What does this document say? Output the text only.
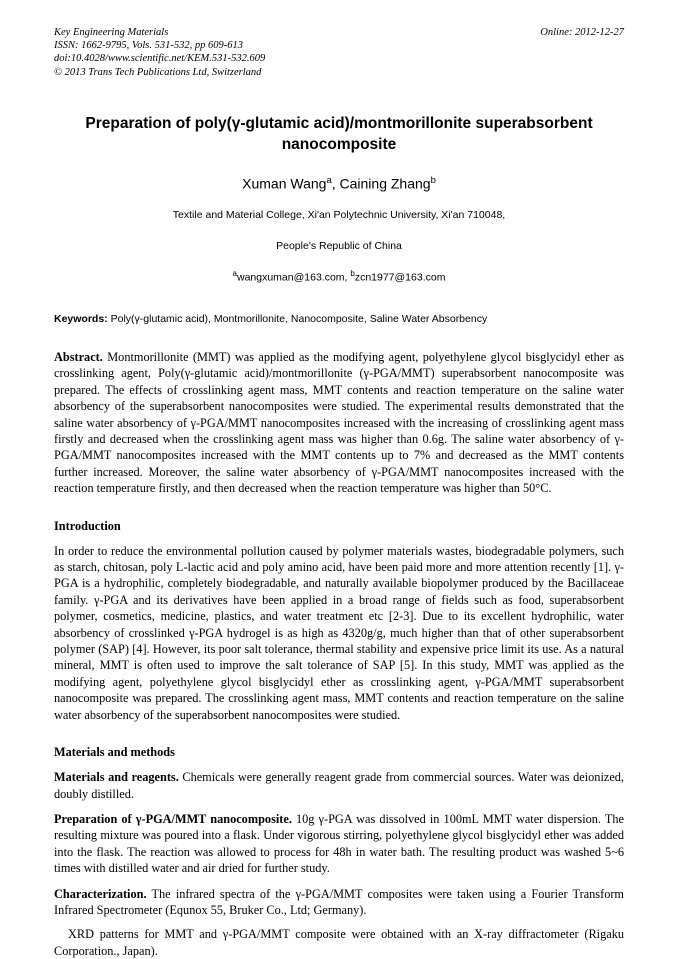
Key Engineering Materials
ISSN: 1662-9795, Vols. 531-532, pp 609-613
doi:10.4028/www.scientific.net/KEM.531-532.609
© 2013 Trans Tech Publications Ltd, Switzerland
Online: 2012-12-27
Preparation of poly(γ-glutamic acid)/montmorillonite superabsorbent nanocomposite
Xuman Wang$^a$, Caining Zhang$^b$
Textile and Material College, Xi'an Polytechnic University, Xi'an 710048,
People's Republic of China
$^a$wangxuman@163.com, $^b$zcn1977@163.com
Keywords: Poly(γ-glutamic acid), Montmorillonite, Nanocomposite, Saline Water Absorbency
Abstract. Montmorillonite (MMT) was applied as the modifying agent, polyethylene glycol bisglycidyl ether as crosslinking agent, Poly(γ-glutamic acid)/montmorillonite (γ-PGA/MMT) superabsorbent nanocomposite was prepared. The effects of crosslinking agent mass, MMT contents and reaction temperature on the saline water absorbency of the superabsorbent nanocomposites were studied. The experimental results demonstrated that the saline water absorbency of γ-PGA/MMT nanocomposites increased with the increasing of crosslinking agent mass firstly and decreased when the crosslinking agent mass was higher than 0.6g. The saline water absorbency of γ-PGA/MMT nanocomposites increased with the MMT contents up to 7% and decreased as the MMT contents further increased. Moreover, the saline water absorbency of γ-PGA/MMT nanocomposites increased with the reaction temperature firstly, and then decreased when the reaction temperature was higher than 50°C.
Introduction

In order to reduce the environmental pollution caused by polymer materials wastes, biodegradable polymers, such as starch, chitosan, poly L-lactic acid and poly amino acid, have been paid more and more attention recently [1]. γ-PGA is a hydrophilic, completely biodegradable, and naturally available biopolymer produced by the Bacillaceae family. γ-PGA and its derivatives have been applied in a broad range of fields such as food, superabsorbent polymer, cosmetics, medicine, plastics, and water treatment etc [2-3]. Due to its excellent hydrophilic, water absorbency of crosslinked γ-PGA hydrogel is as high as 4320g/g, much higher than that of other superabsorbent polymer (SAP) [4]. However, its poor salt tolerance, thermal stability and expensive price limit its use. As a natural mineral, MMT is often used to improve the salt tolerance of SAP [5]. In this study, MMT was applied as the modifying agent, polyethylene glycol bisglycidyl ether as crosslinking agent, γ-PGA/MMT superabsorbent nanocomposite was prepared. The crosslinking agent mass, MMT contents and reaction temperature on the saline water absorbency of the superabsorbent nanocomposites were studied.

Materials and methods

Materials and reagents. Chemicals were generally reagent grade from commercial sources. Water was deionized, doubly distilled.

Preparation of γ-PGA/MMT nanocomposite. 10g γ-PGA was dissolved in 100mL MMT water dispersion. The resulting mixture was poured into a flask. Under vigorous stirring, polyethylene glycol bisglycidyl ether was added into the flask. The reaction was allowed to process for 48h in water bath. The resulting product was washed 5~6 times with distilled water and air dried for further study.

Characterization. The infrared spectra of the γ-PGA/MMT composites were taken using a Fourier Transform Infrared Spectrometer (Equnox 55, Bruker Co., Ltd; Germany).

XRD patterns for MMT and γ-PGA/MMT composite were obtained with an X-ray diffractometer (Rigaku Corporation., Japan).
